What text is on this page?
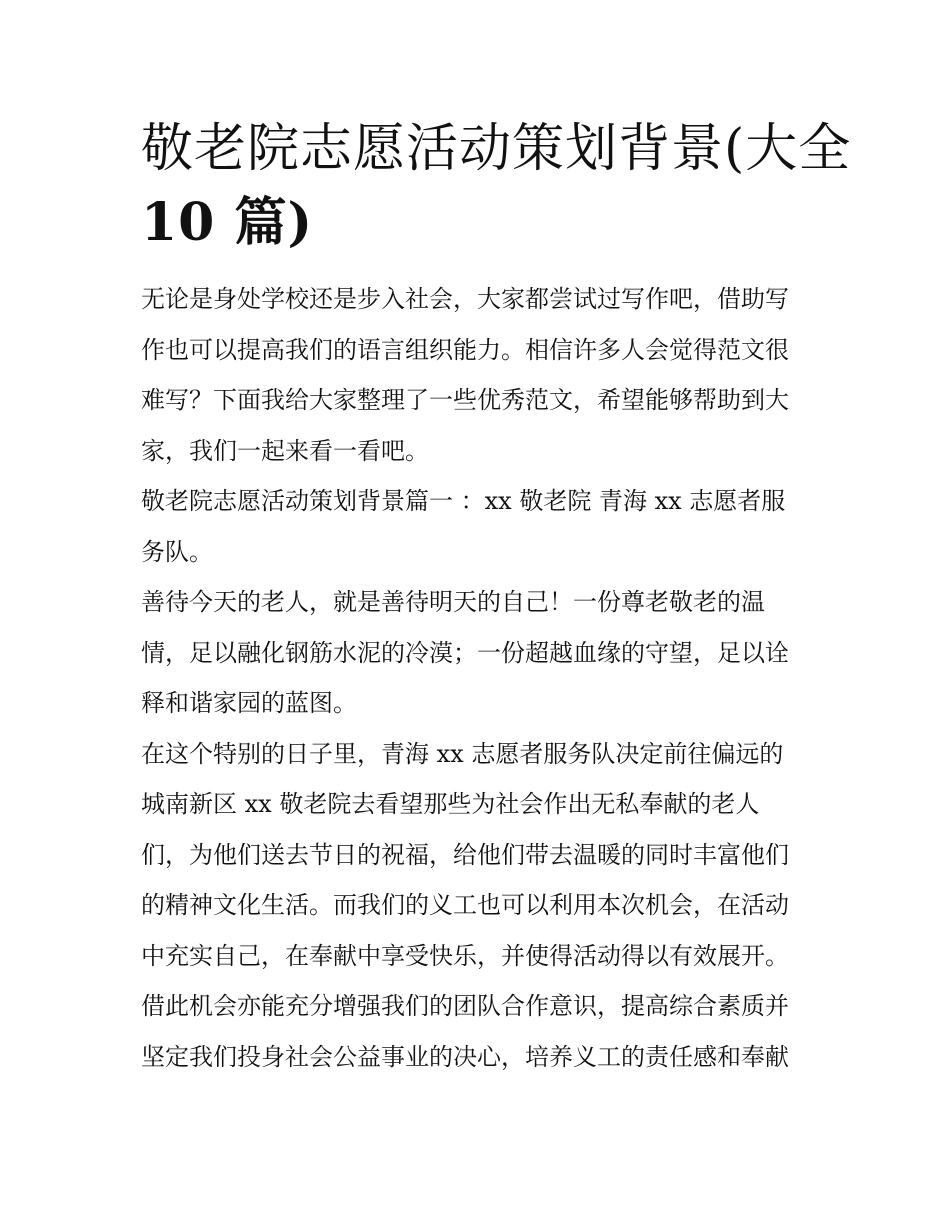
敬老院志愿活动策划背景(大全
10 篇)

无论是身处学校还是步入社会，大家都尝试过写作吧，借助写
作也可以提高我们的语言组织能力。相信许多人会觉得范文很
难写？下面我给大家整理了一些优秀范文，希望能够帮助到大
家，我们一起来看一看吧。

敬老院志愿活动策划背景篇一 ：xx 敬老院 青海 xx 志愿者服
务队。

善待今天的老人，就是善待明天的自己！一份尊老敬老的温
情，足以融化钢筋水泥的冷漠；一份超越血缘的守望，足以诠
释和谐家园的蓝图。

在这个特别的日子里，青海 xx 志愿者服务队决定前往偏远的
城南新区 xx 敬老院去看望那些为社会作出无私奉献的老人
们，为他们送去节日的祝福，给他们带去温暖的同时丰富他们
的精神文化生活。而我们的义工也可以利用本次机会，在活动
中充实自己，在奉献中享受快乐，并使得活动得以有效展开。
借此机会亦能充分增强我们的团队合作意识，提高综合素质并
坚定我们投身社会公益事业的决心，培养义工的责任感和奉献
